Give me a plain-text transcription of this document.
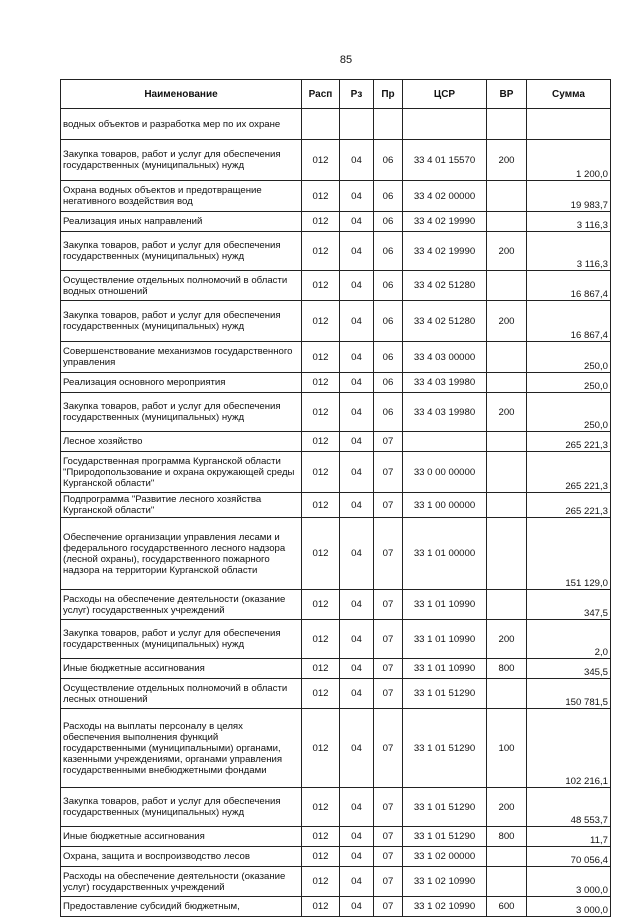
85
Наименование	Расп	Рз	Пр	ЦСР	ВР	Сумма
водных объектов и разработка мер по их охране						
Закупка товаров, работ и услуг для обеспечения государственных (муниципальных) нужд	012	04	06	33 4 01 15570	200	1 200,0
Охрана водных объектов и предотвращение негативного воздействия вод	012	04	06	33 4 02 00000		19 983,7
Реализация иных направлений	012	04	06	33 4 02 19990		3 116,3
Закупка товаров, работ и услуг для обеспечения государственных (муниципальных) нужд	012	04	06	33 4 02 19990	200	3 116,3
Осуществление отдельных полномочий в области водных отношений	012	04	06	33 4 02 51280		16 867,4
Закупка товаров, работ и услуг для обеспечения государственных (муниципальных) нужд	012	04	06	33 4 02 51280	200	16 867,4
Совершенствование механизмов государственного управления	012	04	06	33 4 03 00000		250,0
Реализация основного мероприятия	012	04	06	33 4 03 19980		250,0
Закупка товаров, работ и услуг для обеспечения государственных (муниципальных) нужд	012	04	06	33 4 03 19980	200	250,0
Лесное хозяйство	012	04	07			265 221,3
Государственная программа Курганской области "Природопользование и охрана окружающей среды Курганской области"	012	04	07	33 0 00 00000		265 221,3
Подпрограмма "Развитие лесного хозяйства Курганской области"	012	04	07	33 1 00 00000		265 221,3
Обеспечение организации управления лесами и федерального государственного лесного надзора (лесной охраны), государственного пожарного надзора на территории Курганской области	012	04	07	33 1 01 00000		151 129,0
Расходы на обеспечение деятельности (оказание услуг) государственных учреждений	012	04	07	33 1 01 10990		347,5
Закупка товаров, работ и услуг для обеспечения государственных (муниципальных) нужд	012	04	07	33 1 01 10990	200	2,0
Иные бюджетные ассигнования	012	04	07	33 1 01 10990	800	345,5
Осуществление отдельных полномочий в области лесных отношений	012	04	07	33 1 01 51290		150 781,5
Расходы на выплаты персоналу в целях обеспечения выполнения функций государственными (муниципальными) органами, казенными учреждениями, органами управления государственными внебюджетными фондами	012	04	07	33 1 01 51290	100	102 216,1
Закупка товаров, работ и услуг для обеспечения государственных (муниципальных) нужд	012	04	07	33 1 01 51290	200	48 553,7
Иные бюджетные ассигнования	012	04	07	33 1 01 51290	800	11,7
Охрана, защита и воспроизводство лесов	012	04	07	33 1 02 00000		70 056,4
Расходы на обеспечение деятельности (оказание услуг) государственных учреждений	012	04	07	33 1 02 10990		3 000,0
Предоставление субсидий бюджетным,	012	04	07	33 1 02 10990	600	3 000,0
